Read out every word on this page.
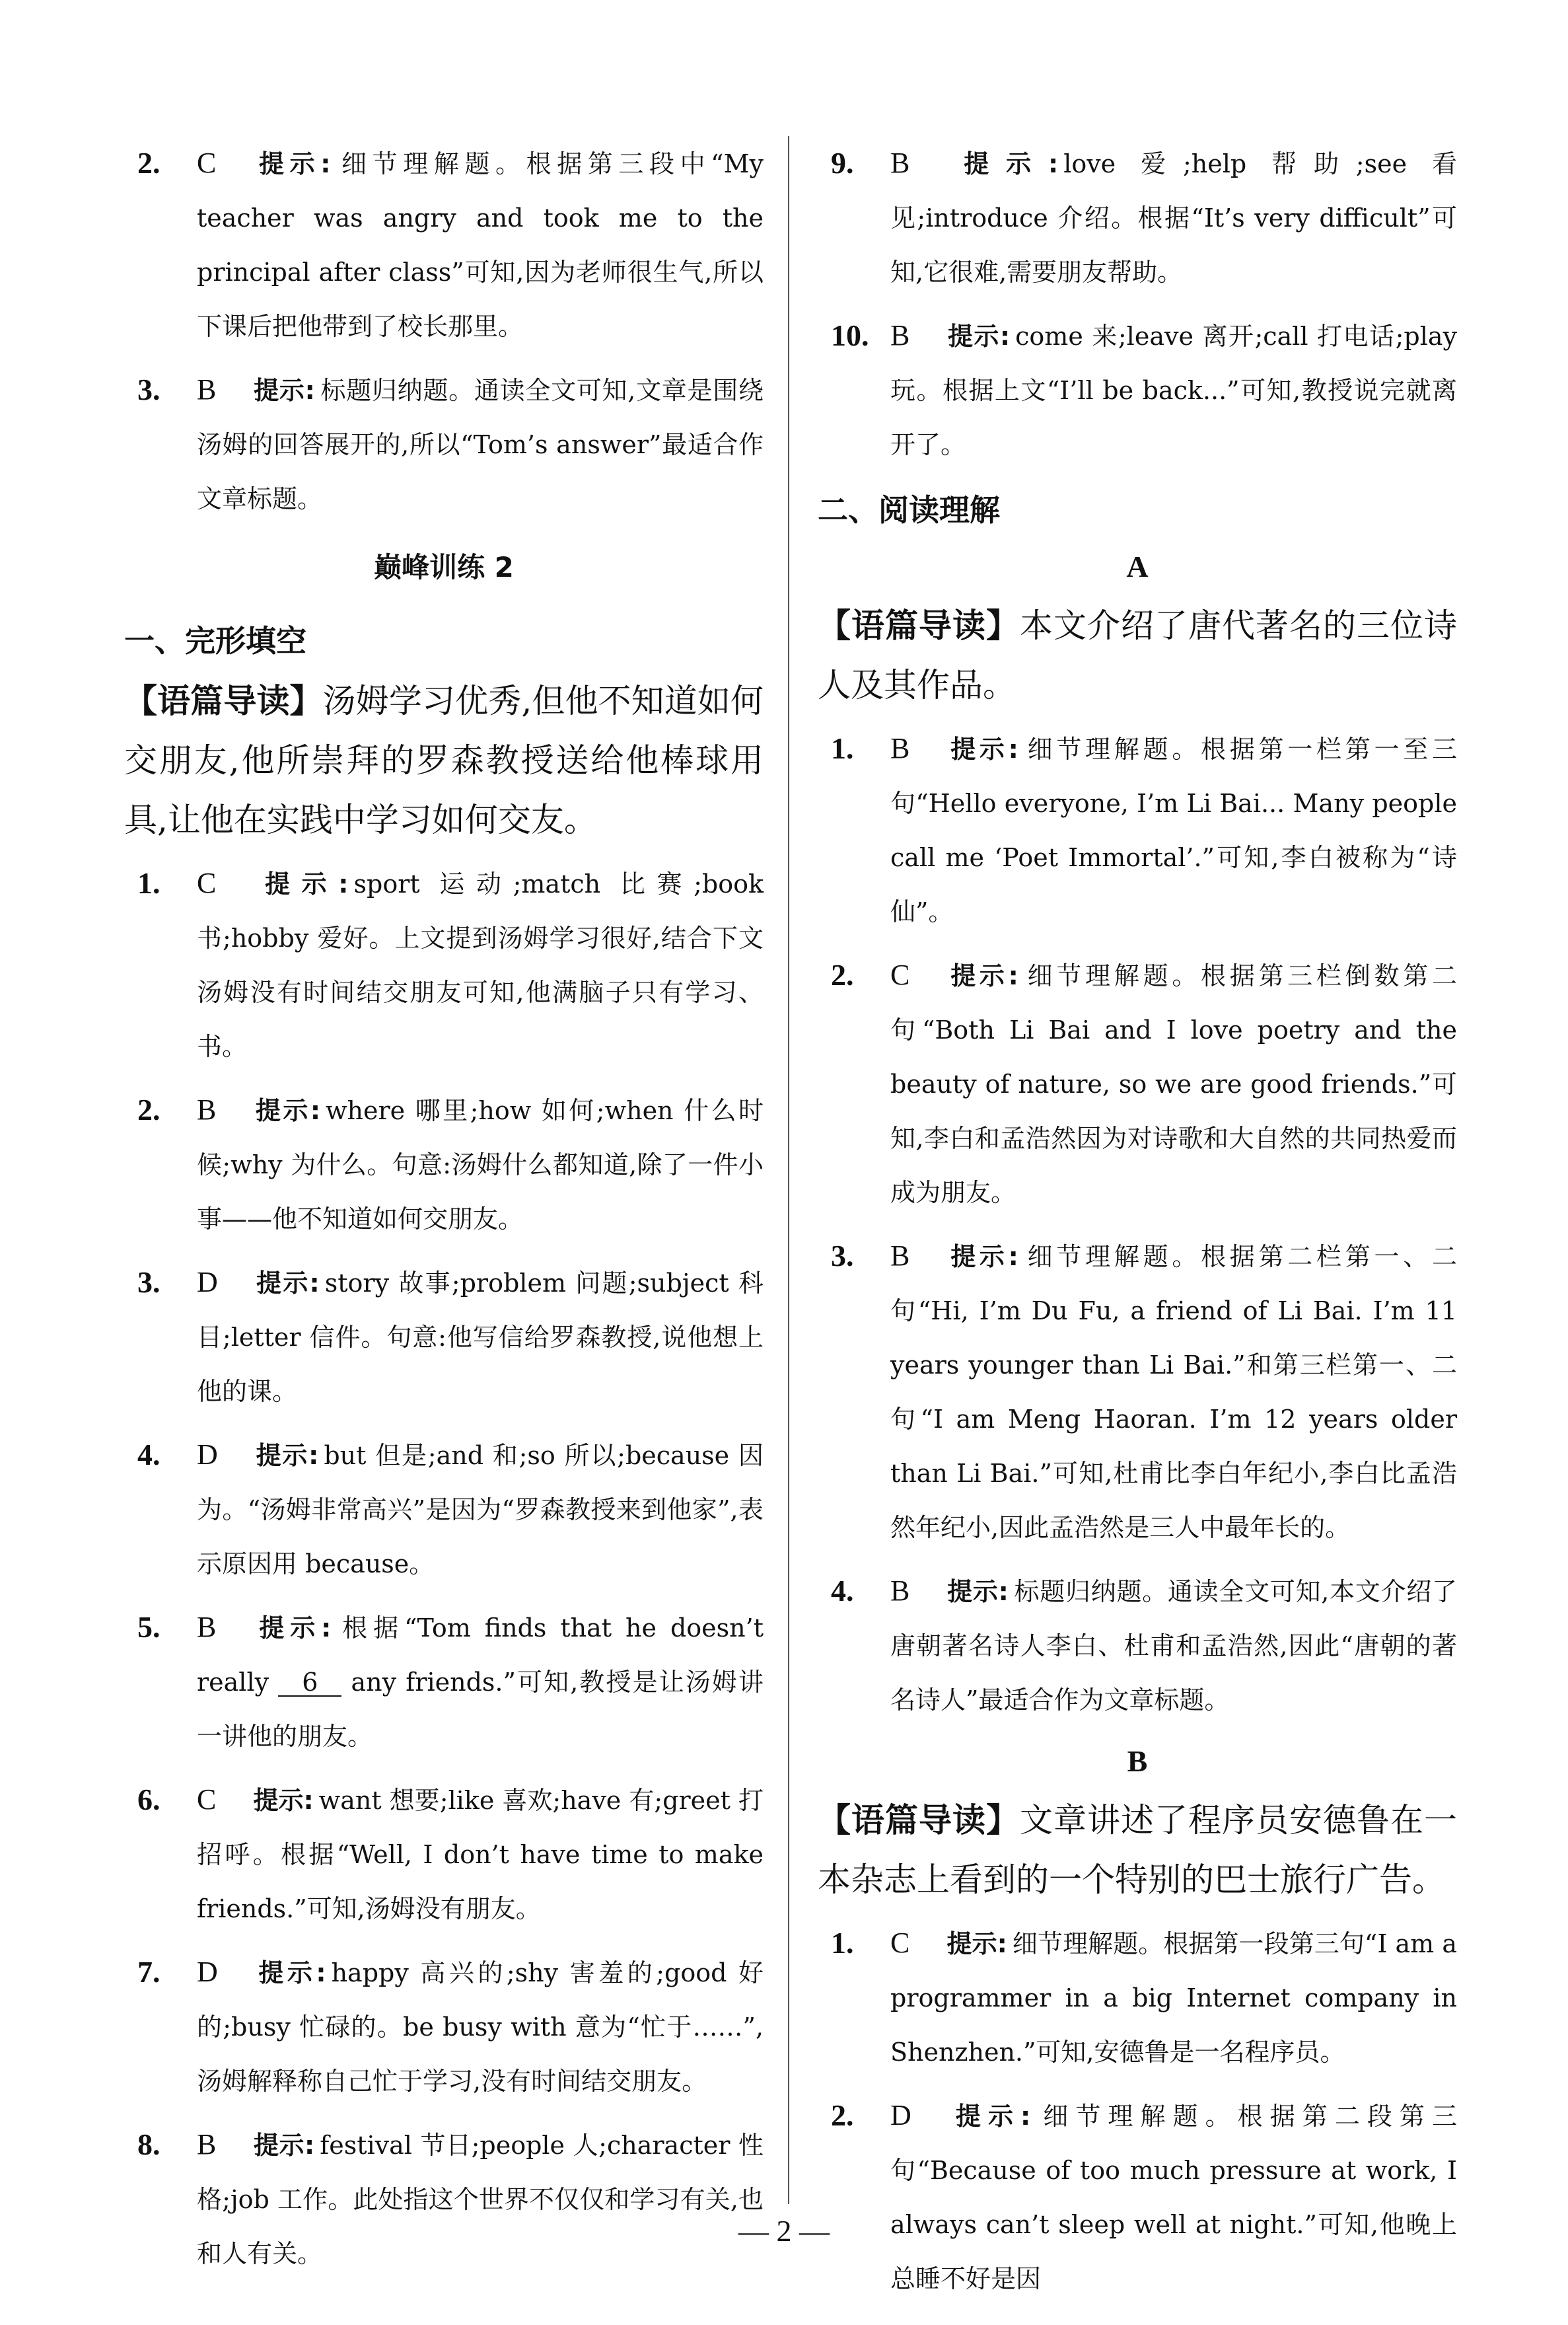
2. C 提示: 细节理解题。根据第三段中“My teacher was angry and took me to the principal after class”可知,因为老师很生气,所以下课后把他带到了校长那里。
3. B 提示: 标题归纳题。通读全文可知,文章是围绕汤姆的回答展开的,所以“Tom’s answer”最适合作文章标题。
巅峰训练 2
一、完形填空
【语篇导读】汤姆学习优秀,但他不知道如何交朋友,他所崇拜的罗森教授送给他棒球用具,让他在实践中学习如何交友。
1. C 提示: sport 运动;match 比赛;book 书;hobby 爱好。上文提到汤姆学习很好,结合下文汤姆没有时间结交朋友可知,他满脑子只有学习、书。
2. B 提示: where 哪里;how 如何;when 什么时候;why 为什么。句意:汤姆什么都知道,除了一件小事——他不知道如何交朋友。
3. D 提示: story 故事;problem 问题;subject 科目;letter 信件。句意:他写信给罗森教授,说他想上他的课。
4. D 提示: but 但是;and 和;so 所以;because 因为。“汤姆非常高兴”是因为“罗森教授来到他家”,表示原因用 because。
5. B 提示: 根据“Tom finds that he doesn’t really 6 any friends.”可知,教授是让汤姆讲一讲他的朋友。
6. C 提示: want 想要;like 喜欢;have 有;greet 打招呼。根据“Well, I don’t have time to make friends.”可知,汤姆没有朋友。
7. D 提示: happy 高兴的;shy 害羞的;good 好的;busy 忙碌的。be busy with 意为“忙于……”,汤姆解释称自己忙于学习,没有时间结交朋友。
8. B 提示: festival 节日;people 人;character 性格;job 工作。此处指这个世界不仅仅和学习有关,也和人有关。
9. B 提示: love 爱;help 帮助;see 看见;introduce 介绍。根据“It’s very difficult”可知,它很难,需要朋友帮助。
10. B 提示: come 来;leave 离开;call 打电话;play 玩。根据上文“I’ll be back...”可知,教授说完就离开了。
二、阅读理解
A
【语篇导读】本文介绍了唐代著名的三位诗人及其作品。
1. B 提示: 细节理解题。根据第一栏第一至三句“Hello everyone, I’m Li Bai... Many people call me ‘Poet Immortal’.”可知,李白被称为“诗仙”。
2. C 提示: 细节理解题。根据第三栏倒数第二句“Both Li Bai and I love poetry and the beauty of nature, so we are good friends.”可知,李白和孟浩然因为对诗歌和大自然的共同热爱而成为朋友。
3. B 提示: 细节理解题。根据第二栏第一、二句“Hi, I’m Du Fu, a friend of Li Bai. I’m 11 years younger than Li Bai.”和第三栏第一、二句“I am Meng Haoran. I’m 12 years older than Li Bai.”可知,杜甫比李白年纪小,李白比孟浩然年纪小,因此孟浩然是三人中最年长的。
4. B 提示: 标题归纳题。通读全文可知,本文介绍了唐朝著名诗人李白、杜甫和孟浩然,因此“唐朝的著名诗人”最适合作为文章标题。
B
【语篇导读】文章讲述了程序员安德鲁在一本杂志上看到的一个特别的巴士旅行广告。
1. C 提示: 细节理解题。根据第一段第三句“I am a programmer in a big Internet company in Shenzhen.”可知,安德鲁是一名程序员。
2. D 提示: 细节理解题。根据第二段第三句“Because of too much pressure at work, I always can’t sleep well at night.”可知,他晚上总睡不好是因
— 2 —
